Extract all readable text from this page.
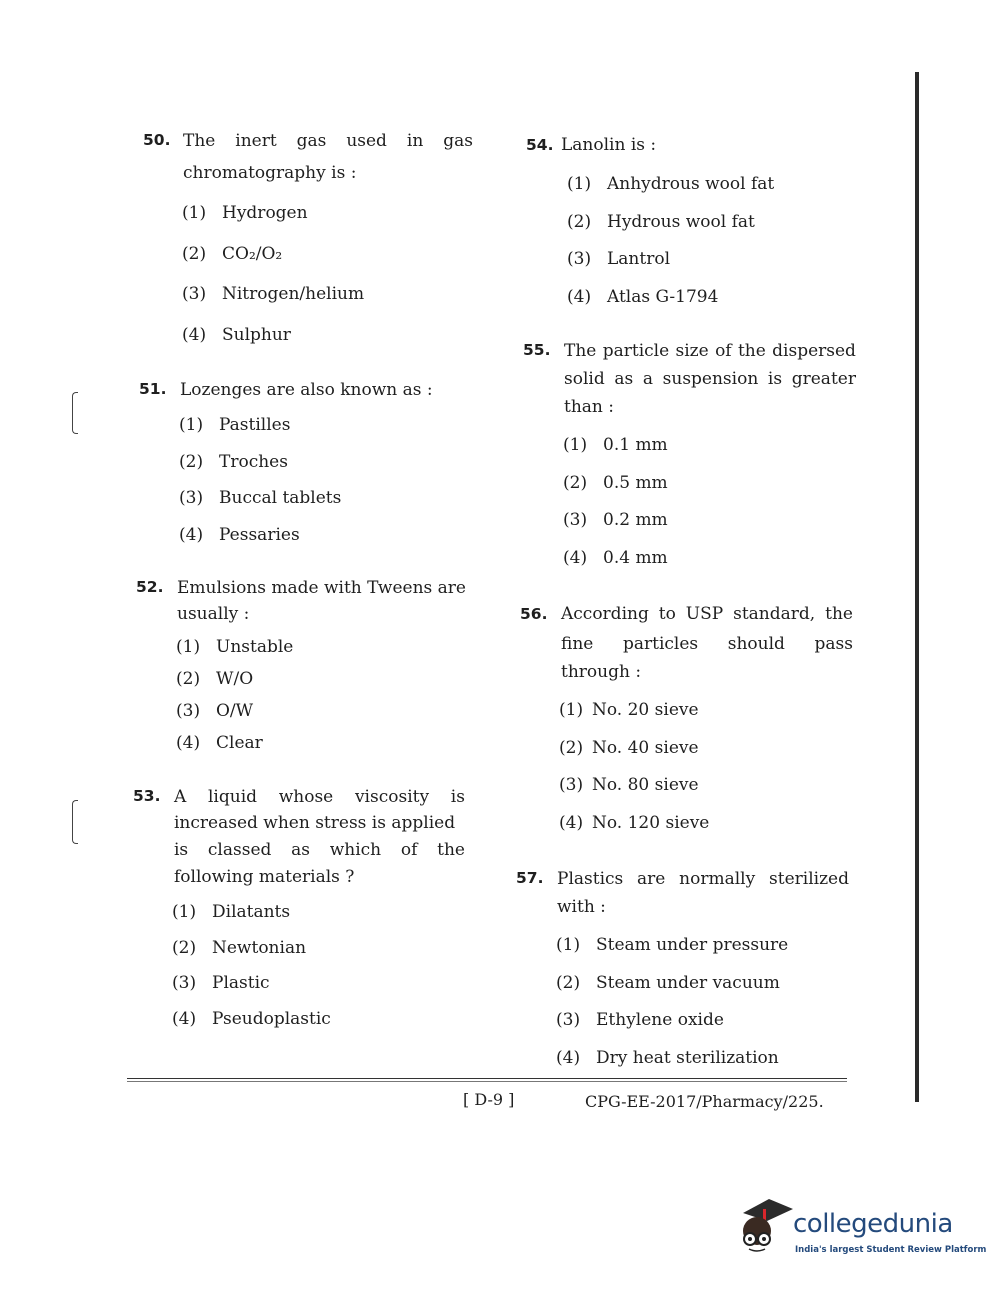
50. The inert gas used in gas
chromatography is :
(1) Hydrogen
(2) CO₂/O₂
(3) Nitrogen/helium
(4) Sulphur
51. Lozenges are also known as :
(1) Pastilles
(2) Troches
(3) Buccal tablets
(4) Pessaries
52. Emulsions made with Tweens are
usually :
(1) Unstable
(2) W/O
(3) O/W
(4) Clear
53. A liquid whose viscosity is
increased when stress is applied
is classed as which of the
following materials ?
(1) Dilatants
(2) Newtonian
(3) Plastic
(4) Pseudoplastic
54. Lanolin is :
(1) Anhydrous wool fat
(2) Hydrous wool fat
(3) Lantrol
(4) Atlas G-1794
55. The particle size of the dispersed
solid as a suspension is greater
than :
(1) 0.1 mm
(2) 0.5 mm
(3) 0.2 mm
(4) 0.4 mm
56. According to USP standard, the
fine particles should pass
through :
(1) No. 20 sieve
(2) No. 40 sieve
(3) No. 80 sieve
(4) No. 120 sieve
57. Plastics are normally sterilized
with :
(1) Steam under pressure
(2) Steam under vacuum
(3) Ethylene oxide
(4) Dry heat sterilization
[ D-9 ]	CPG-EE-2017/Pharmacy/225.
collegedunia
India's largest Student Review Platform
